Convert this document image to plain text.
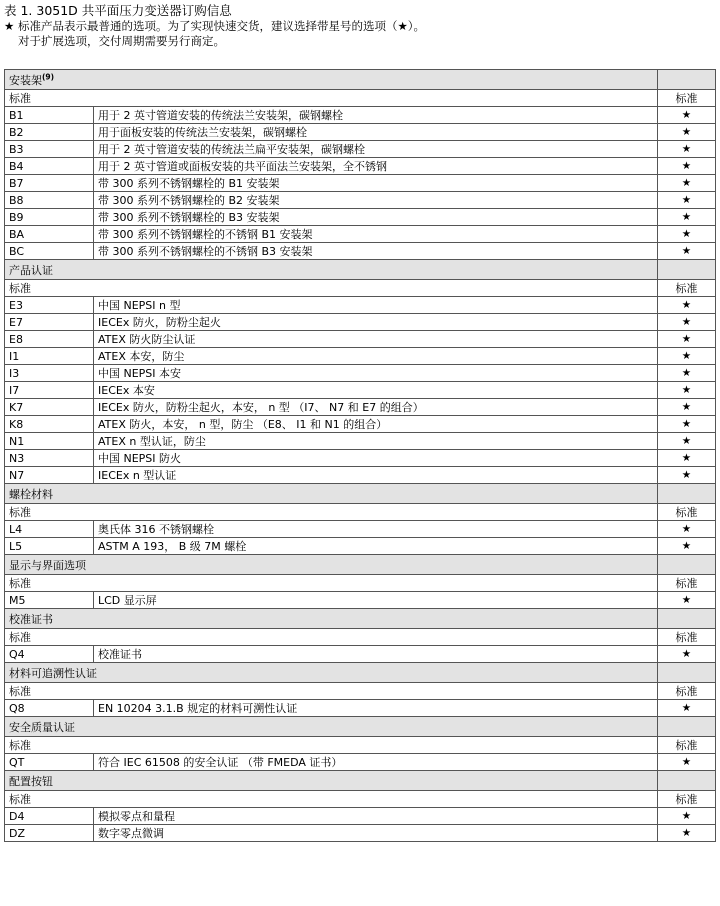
表 1. 3051D 共平面压力变送器订购信息
★ 标准产品表示最普通的选项。为了实现快速交货，建议选择带星号的选项（★）。
对于扩展选项，交付周期需要另行商定。
安装架$^{(9)}$	
标准		标准
B1	用于 2 英寸管道安装的传统法兰安装架，碳钢螺栓	★
B2	用于面板安装的传统法兰安装架，碳钢螺栓	★
B3	用于 2 英寸管道安装的传统法兰扁平安装架，碳钢螺栓	★
B4	用于 2 英寸管道或面板安装的共平面法兰安装架，全不锈钢	★
B7	带 300 系列不锈钢螺栓的 B1 安装架	★
B8	带 300 系列不锈钢螺栓的 B2 安装架	★
B9	带 300 系列不锈钢螺栓的 B3 安装架	★
BA	带 300 系列不锈钢螺栓的不锈钢 B1 安装架	★
BC	带 300 系列不锈钢螺栓的不锈钢 B3 安装架	★
产品认证		
标准		标准
E3	中国 NEPSI n 型	★
E7	IECEx 防火，防粉尘起火	★
E8	ATEX 防火防尘认证	★
I1	ATEX 本安，防尘	★
I3	中国 NEPSI 本安	★
I7	IECEx 本安	★
K7	IECEx 防火，防粉尘起火，本安， n 型 （I7、 N7 和 E7 的组合）	★
K8	ATEX 防火，本安， n 型，防尘 （E8、 I1 和 N1 的组合）	★
N1	ATEX n 型认证，防尘	★
N3	中国 NEPSI 防火	★
N7	IECEx n 型认证	★
螺栓材料		
标准		标准
L4	奥氏体 316 不锈钢螺栓	★
L5	ASTM A 193， B 级 7M 螺栓	★
显示与界面选项		
标准		标准
M5	LCD 显示屏	★
校准证书		
标准		标准
Q4	校准证书	★
材料可追溯性认证		
标准		标准
Q8	EN 10204 3.1.B 规定的材料可溯性认证	★
安全质量认证		
标准		标准
QT	符合 IEC 61508 的安全认证 （带 FMEDA 证书）	★
配置按钮		
标准		标准
D4	模拟零点和量程	★
DZ	数字零点微调	★
